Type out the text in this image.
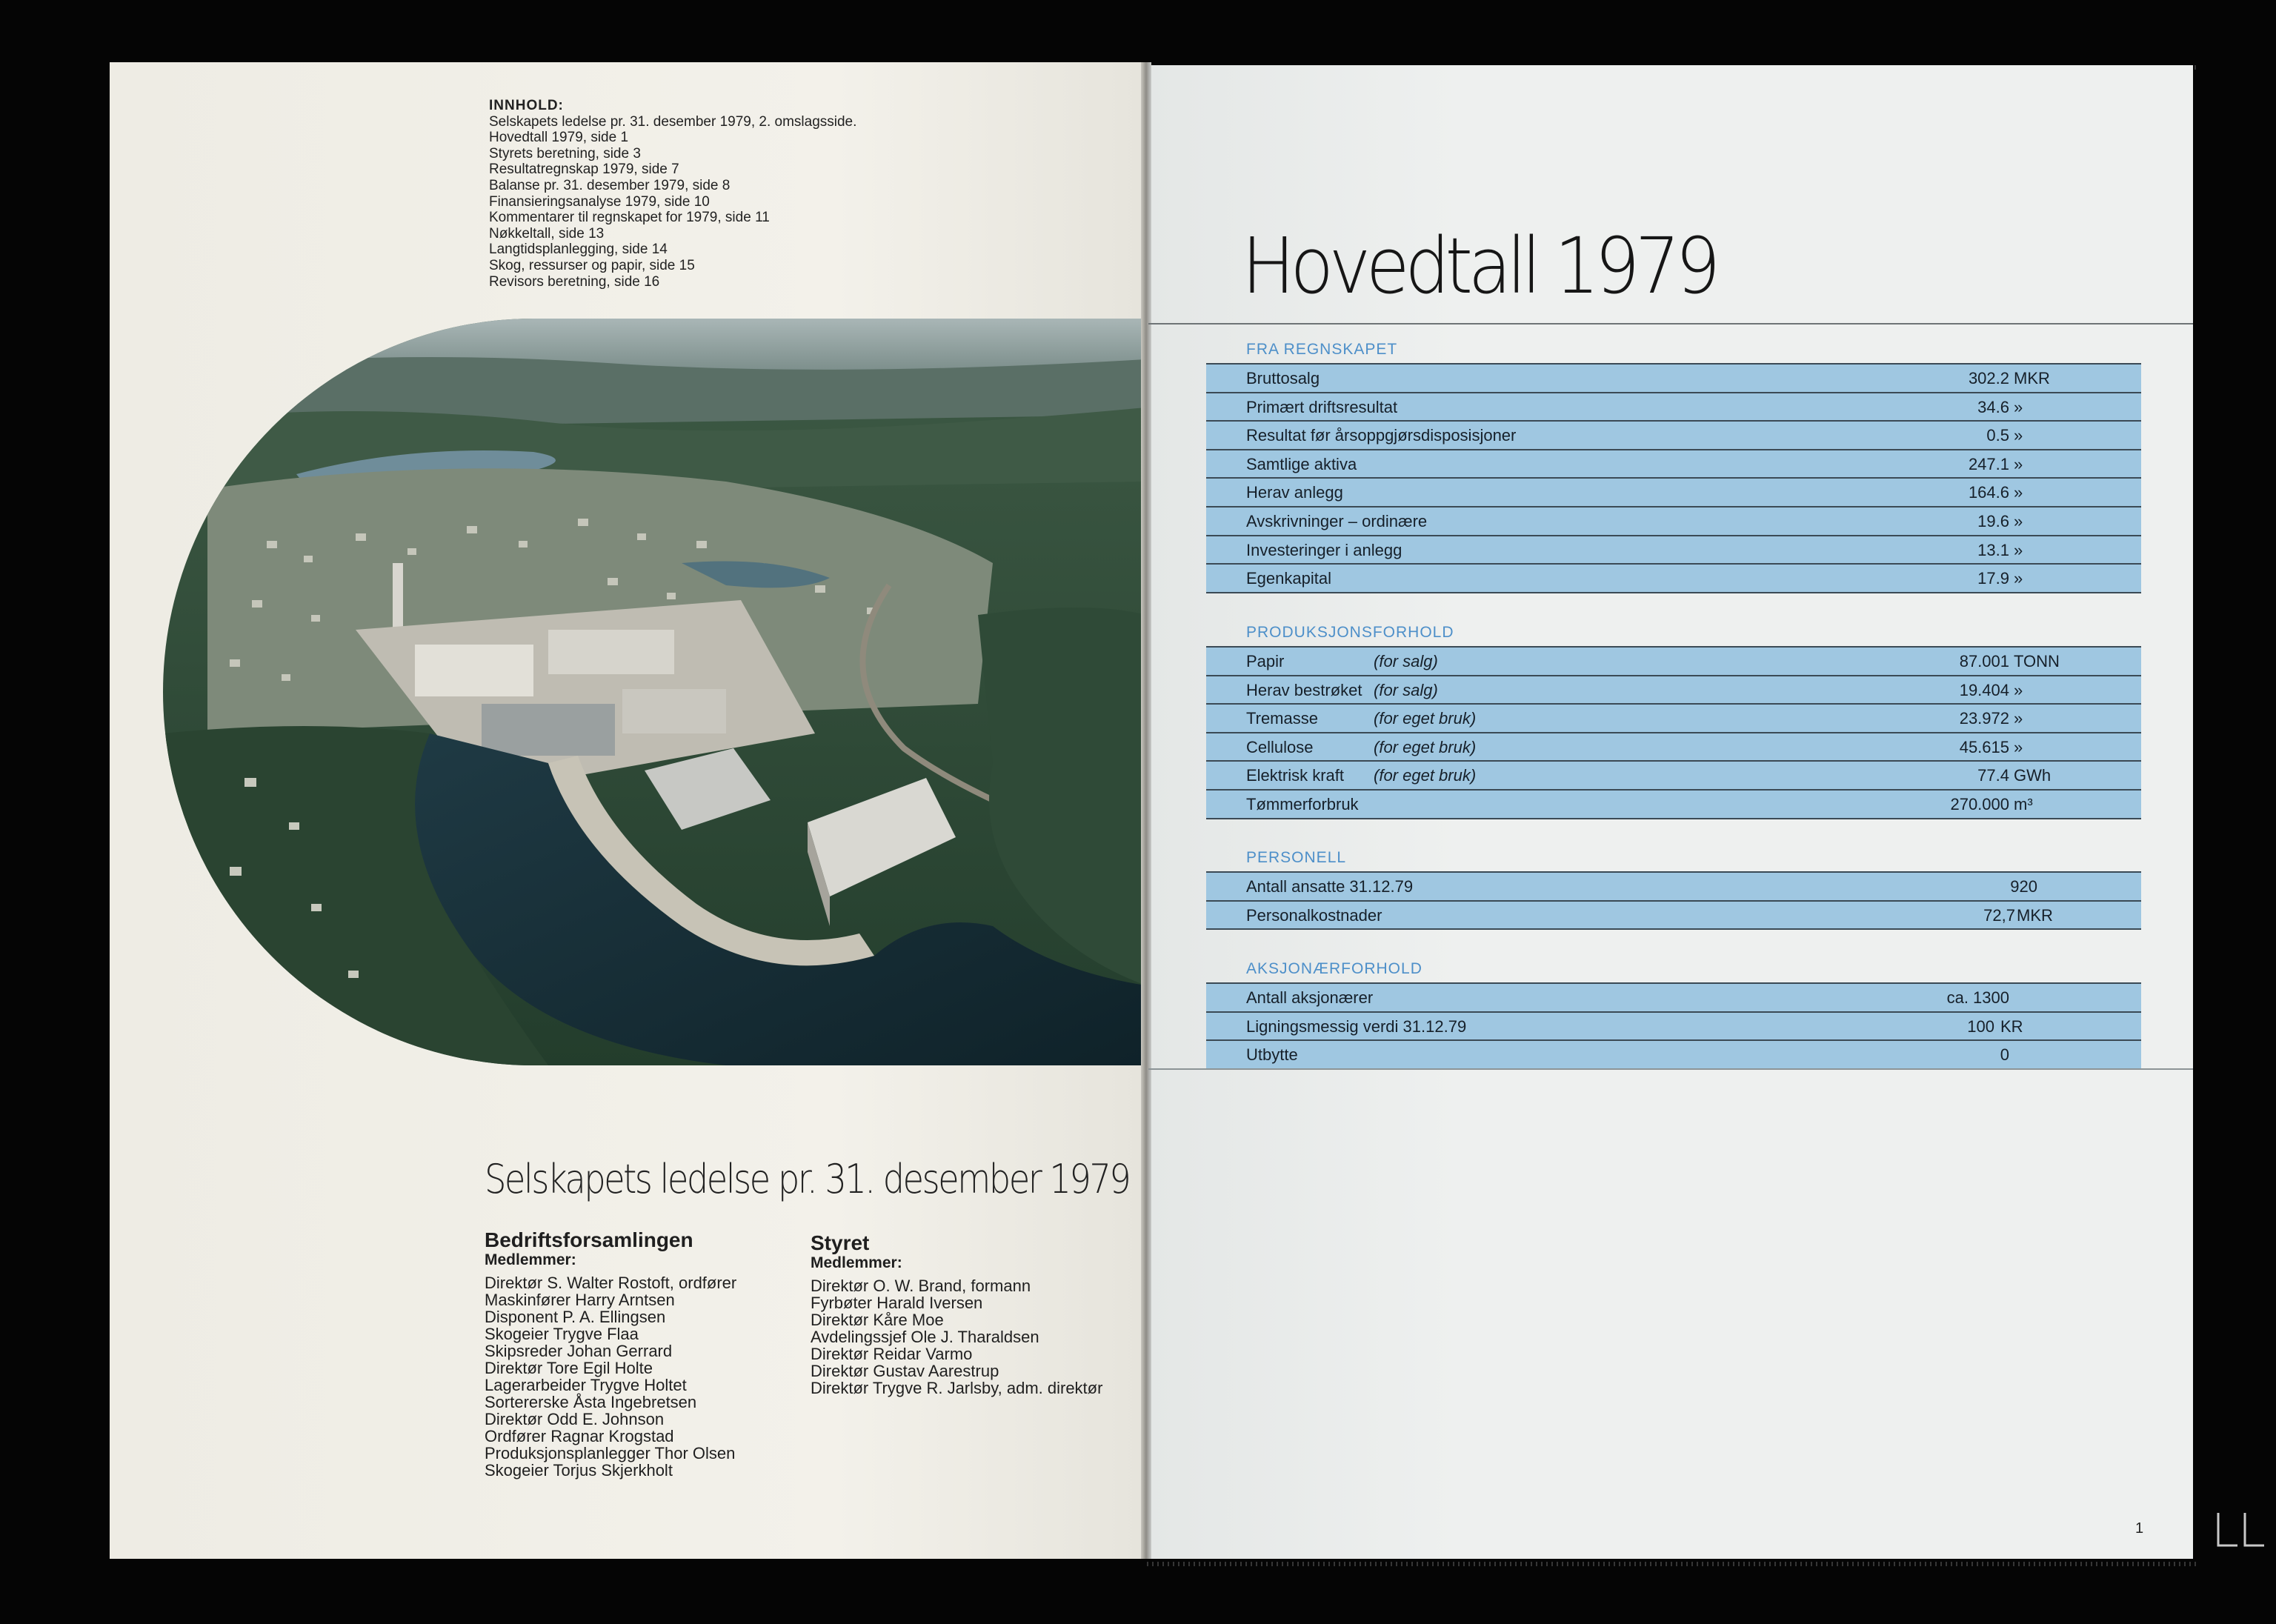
INNHOLD:
Selskapets ledelse pr. 31. desember 1979, 2. omslagsside.
Hovedtall 1979, side 1
Styrets beretning, side 3
Resultatregnskap 1979, side 7
Balanse pr. 31. desember 1979, side 8
Finansieringsanalyse 1979, side 10
Kommentarer til regnskapet for 1979, side 11
Nøkkeltall, side 13
Langtidsplanlegging, side 14
Skog, ressurser og papir, side 15
Revisors beretning, side 16
Selskapets ledelse pr. 31. desember 1979
Bedriftsforsamlingen
Medlemmer:
Direktør S. Walter Rostoft, ordfører
Maskinfører Harry Arntsen
Disponent P. A. Ellingsen
Skogeier Trygve Flaa
Skipsreder Johan Gerrard
Direktør Tore Egil Holte
Lagerarbeider Trygve Holtet
Sortererske Åsta Ingebretsen
Direktør Odd E. Johnson
Ordfører Ragnar Krogstad
Produksjonsplanlegger Thor Olsen
Skogeier Torjus Skjerkholt
Styret
Medlemmer:
Direktør O. W. Brand, formann
Fyrbøter Harald Iversen
Direktør Kåre Moe
Avdelingssjef Ole J. Tharaldsen
Direktør Reidar Varmo
Direktør Gustav Aarestrup
Direktør Trygve R. Jarlsby, adm. direktør
Hovedtall 1979
FRA REGNSKAPET
Bruttosalg	302.2 MKR
Primært driftsresultat	34.6 »
Resultat før årsoppgjørsdisposisjoner	0.5 »
Samtlige aktiva	247.1 »
Herav anlegg	164.6 »
Avskrivninger – ordinære	19.6 »
Investeringer i anlegg	13.1 »
Egenkapital	17.9 »
PRODUKSJONSFORHOLD
Papir	(for salg)	87.001 TONN
Herav bestrøket (for salg)	19.404 »
Tremasse	(for eget bruk)	23.972 »
Cellulose	(for eget bruk)	45.615 »
Elektrisk kraft (for eget bruk)	77.4 GWh
Tømmerforbruk	270.000 m³
PERSONELL
Antall ansatte 31.12.79	920
Personalkostnader	72,7 MKR
AKSJONÆRFORHOLD
Antall aksjonærer	ca. 1300
Ligningsmessig verdi 31.12.79	100 KR
Utbytte	0
1
